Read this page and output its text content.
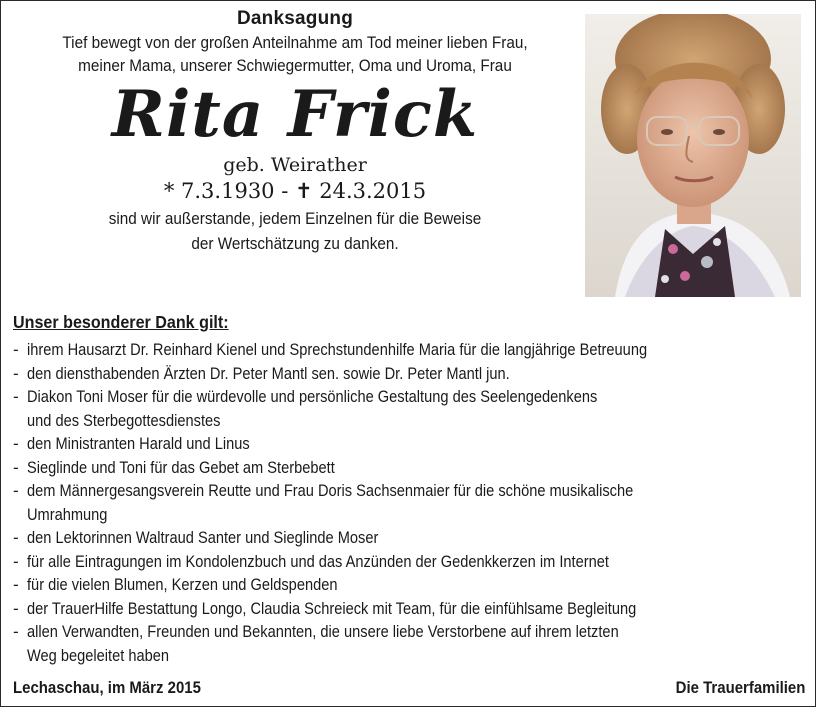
Danksagung

Tief bewegt von der großen Anteilnahme am Tod meiner lieben Frau,

meiner Mama, unserer Schwiegermutter, Oma und Uroma, Frau

Rita Frick

geb. Weirather

* 7.3.1930 - ✝ 24.3.2015

sind wir außerstande, jedem Einzelnen für die Beweise

der Wertschätzung zu danken.

Unser besonderer Dank gilt:

- ihrem Hausarzt Dr. Reinhard Kienel und Sprechstundenhilfe Maria für die langjährige Betreuung
- den diensthabenden Ärzten Dr. Peter Mantl sen. sowie Dr. Peter Mantl jun.
- Diakon Toni Moser für die würdevolle und persönliche Gestaltung des Seelengedenkens
und des Sterbegottesdienstes
- den Ministranten Harald und Linus
- Sieglinde und Toni für das Gebet am Sterbebett
- dem Männergesangsverein Reutte und Frau Doris Sachsenmaier für die schöne musikalische Umrahmung
- den Lektorinnen Waltraud Santer und Sieglinde Moser
- für alle Eintragungen im Kondolenzbuch und das Anzünden der Gedenkkerzen im Internet
- für die vielen Blumen, Kerzen und Geldspenden
- der TrauerHilfe Bestattung Longo, Claudia Schreieck mit Team, für die einfühlsame Begleitung
- allen Verwandten, Freunden und Bekannten, die unsere liebe Verstorbene auf ihrem letzten
Weg begeleitet haben
Lechaschau, im März 2015	Die Trauerfamilien
